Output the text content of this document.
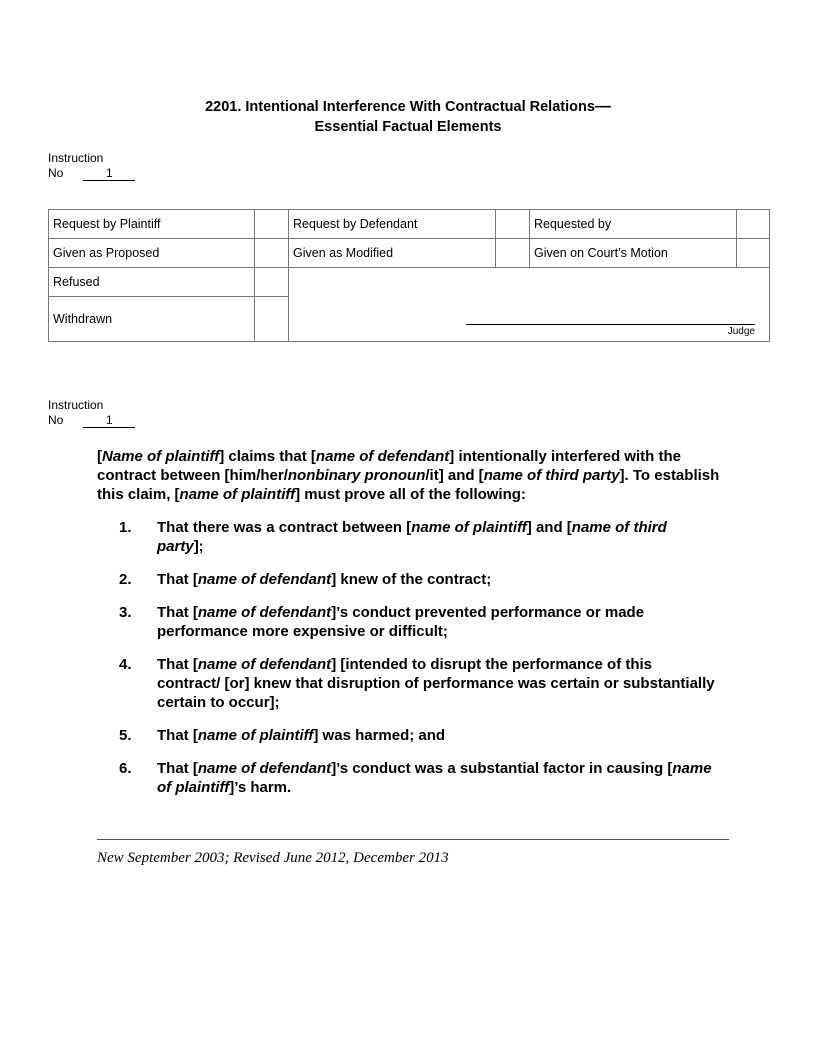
2201. Intentional Interference With Contractual Relations—
Essential Factual Elements
Instruction
No	1
Request by Plaintiff		Request by Defendant		Requested by	
Given as Proposed		Given as Modified		Given on Court’s Motion	
Refused		Judge			

Withdrawn					
Instruction
No	1

[Name of plaintiff] claims that [name of defendant] intentionally interfered with the contract between [him/her/nonbinary pronoun/it] and [name of third party]. To establish this claim, [name of plaintiff] must prove all of the following:

1.	That there was a contract between [name of plaintiff] and [name of third party];
2.	That [name of defendant] knew of the contract;
3.	That [name of defendant]’s conduct prevented performance or made performance more expensive or difficult;
4.	That [name of defendant] [intended to disrupt the performance of this contract/ [or] knew that disruption of performance was certain or substantially certain to occur];
5.	That [name of plaintiff] was harmed; and
6.	That [name of defendant]’s conduct was a substantial factor in causing [name of plaintiff]’s harm.
New September 2003; Revised June 2012, December 2013
